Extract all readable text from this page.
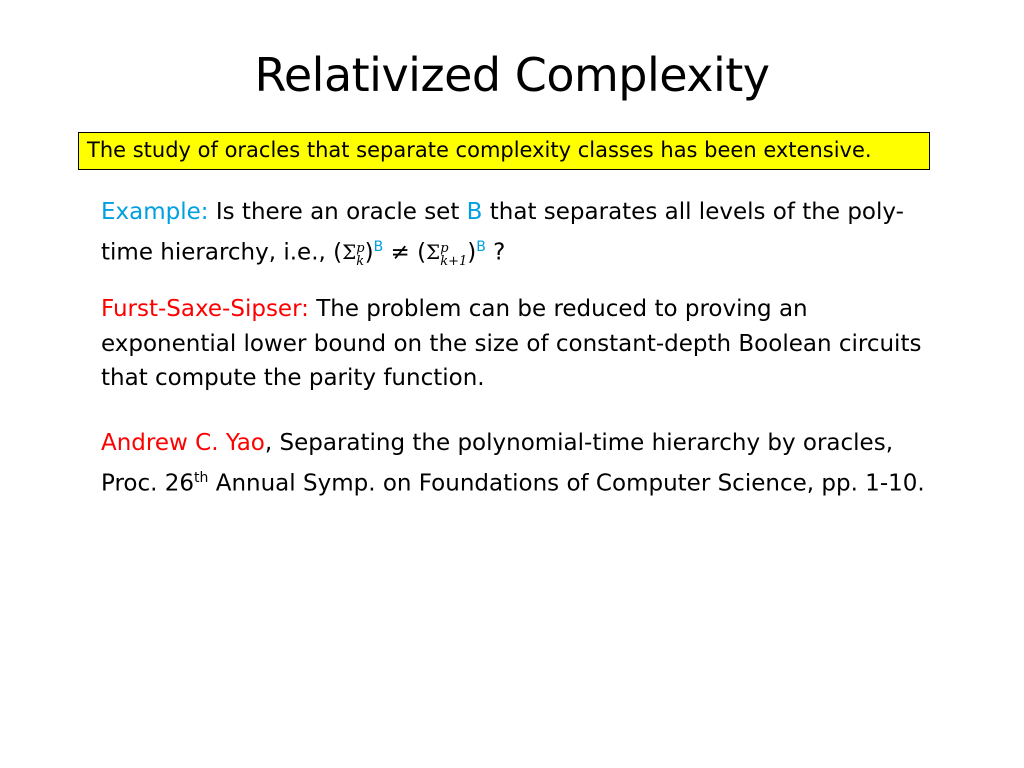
Relativized Complexity
The study of oracles that separate complexity classes has been extensive.

Example: Is there an oracle set B that separates all levels of the poly-time hierarchy, i.e., (Σ p
k )$^B$ ≠ (Σ p
k+1 )$^B$ ?

Furst-Saxe-Sipser: The problem can be reduced to proving an exponential lower bound on the size of constant-depth Boolean circuits that compute the parity function.

Andrew C. Yao, Separating the polynomial-time hierarchy by oracles, Proc. 26th Annual Symp. on Foundations of Computer Science, pp. 1-10.
